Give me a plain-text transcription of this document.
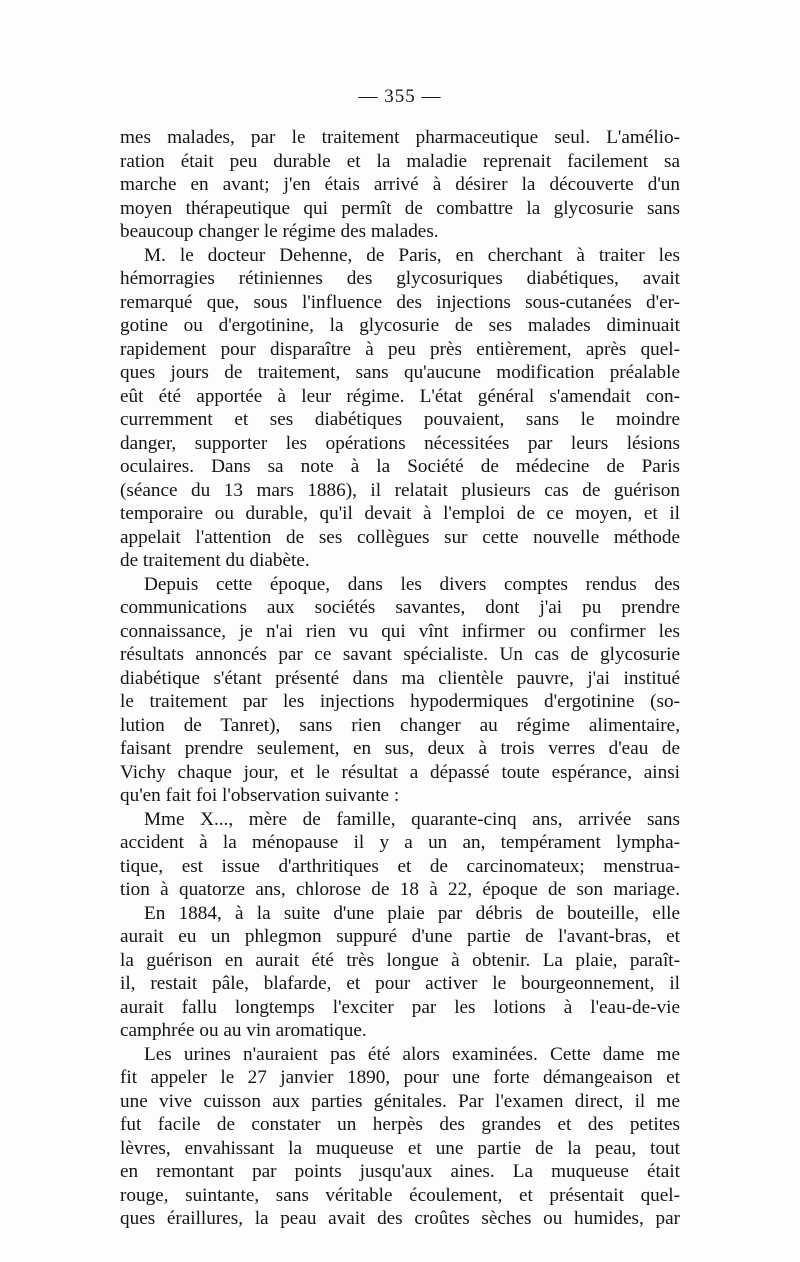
— 355 —
mes malades, par le traitement pharmaceutique seul. L'amélio-
ration était peu durable et la maladie reprenait facilement sa
marche en avant; j'en étais arrivé à désirer la découverte d'un
moyen thérapeutique qui permît de combattre la glycosurie sans
beaucoup changer le régime des malades.
M. le docteur Dehenne, de Paris, en cherchant à traiter les
hémorragies rétiniennes des glycosuriques diabétiques, avait
remarqué que, sous l'influence des injections sous-cutanées d'er-
gotine ou d'ergotinine, la glycosurie de ses malades diminuait
rapidement pour disparaître à peu près entièrement, après quel-
ques jours de traitement, sans qu'aucune modification préalable
eût été apportée à leur régime. L'état général s'amendait con-
curremment et ses diabétiques pouvaient, sans le moindre
danger, supporter les opérations nécessitées par leurs lésions
oculaires. Dans sa note à la Société de médecine de Paris
(séance du 13 mars 1886), il relatait plusieurs cas de guérison
temporaire ou durable, qu'il devait à l'emploi de ce moyen, et il
appelait l'attention de ses collègues sur cette nouvelle méthode
de traitement du diabète.
Depuis cette époque, dans les divers comptes rendus des
communications aux sociétés savantes, dont j'ai pu prendre
connaissance, je n'ai rien vu qui vînt infirmer ou confirmer les
résultats annoncés par ce savant spécialiste. Un cas de glycosurie
diabétique s'étant présenté dans ma clientèle pauvre, j'ai institué
le traitement par les injections hypodermiques d'ergotinine (so-
lution de Tanret), sans rien changer au régime alimentaire,
faisant prendre seulement, en sus, deux à trois verres d'eau de
Vichy chaque jour, et le résultat a dépassé toute espérance, ainsi
qu'en fait foi l'observation suivante :
Mme X..., mère de famille, quarante-cinq ans, arrivée sans
accident à la ménopause il y a un an, tempérament lympha-
tique, est issue d'arthritiques et de carcinomateux; menstrua-
tion à quatorze ans, chlorose de 18 à 22, époque de son mariage.
En 1884, à la suite d'une plaie par débris de bouteille, elle
aurait eu un phlegmon suppuré d'une partie de l'avant-bras, et
la guérison en aurait été très longue à obtenir. La plaie, paraît-
il, restait pâle, blafarde, et pour activer le bourgeonnement, il
aurait fallu longtemps l'exciter par les lotions à l'eau-de-vie
camphrée ou au vin aromatique.
Les urines n'auraient pas été alors examinées. Cette dame me
fit appeler le 27 janvier 1890, pour une forte démangeaison et
une vive cuisson aux parties génitales. Par l'examen direct, il me
fut facile de constater un herpès des grandes et des petites
lèvres, envahissant la muqueuse et une partie de la peau, tout
en remontant par points jusqu'aux aines. La muqueuse était
rouge, suintante, sans véritable écoulement, et présentait quel-
ques éraillures, la peau avait des croûtes sèches ou humides, par
